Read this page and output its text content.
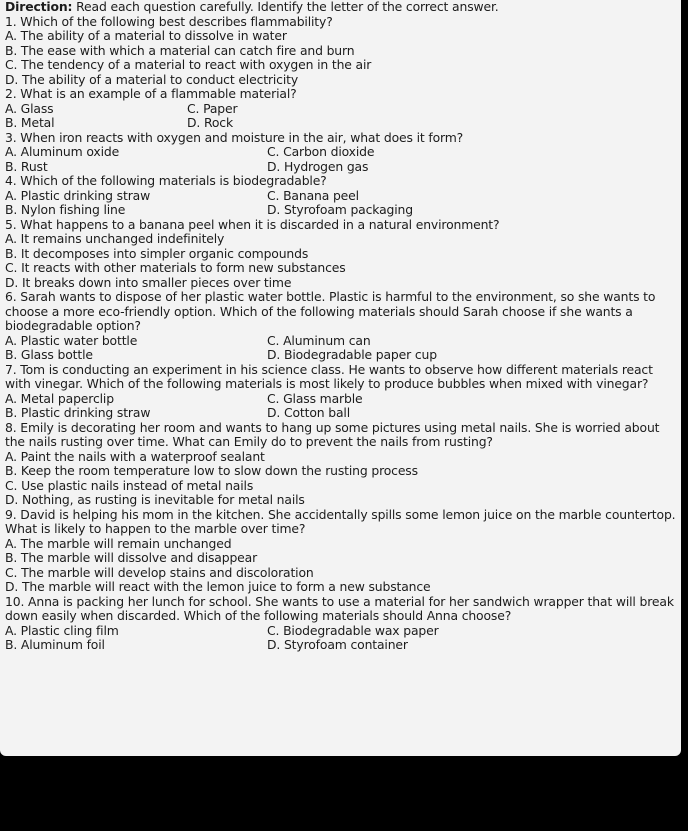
Direction: Read each question carefully. Identify the letter of the correct answer.
1. Which of the following best describes flammability?
A. The ability of a material to dissolve in water
B. The ease with which a material can catch fire and burn
C. The tendency of a material to react with oxygen in the air
D. The ability of a material to conduct electricity
2. What is an example of a flammable material?
A. Glass	C. Paper
B. Metal	D. Rock
3. When iron reacts with oxygen and moisture in the air, what does it form?
A. Aluminum oxide	C. Carbon dioxide
B. Rust	D. Hydrogen gas
4. Which of the following materials is biodegradable?
A. Plastic drinking straw	C. Banana peel
B. Nylon fishing line	D. Styrofoam packaging
5. What happens to a banana peel when it is discarded in a natural environment?
A. It remains unchanged indefinitely
B. It decomposes into simpler organic compounds
C. It reacts with other materials to form new substances
D. It breaks down into smaller pieces over time
6. Sarah wants to dispose of her plastic water bottle. Plastic is harmful to the environment, so she wants to choose a more eco-friendly option. Which of the following materials should Sarah choose if she wants a biodegradable option?
A. Plastic water bottle	C. Aluminum can
B. Glass bottle	D. Biodegradable paper cup
7. Tom is conducting an experiment in his science class. He wants to observe how different materials react with vinegar. Which of the following materials is most likely to produce bubbles when mixed with vinegar?
A. Metal paperclip	C. Glass marble
B. Plastic drinking straw	D. Cotton ball
8. Emily is decorating her room and wants to hang up some pictures using metal nails. She is worried about the nails rusting over time. What can Emily do to prevent the nails from rusting?
A. Paint the nails with a waterproof sealant
B. Keep the room temperature low to slow down the rusting process
C. Use plastic nails instead of metal nails
D. Nothing, as rusting is inevitable for metal nails
9. David is helping his mom in the kitchen. She accidentally spills some lemon juice on the marble countertop. What is likely to happen to the marble over time?
A. The marble will remain unchanged
B. The marble will dissolve and disappear
C. The marble will develop stains and discoloration
D. The marble will react with the lemon juice to form a new substance
10. Anna is packing her lunch for school. She wants to use a material for her sandwich wrapper that will break down easily when discarded. Which of the following materials should Anna choose?
A. Plastic cling film	C. Biodegradable wax paper
B. Aluminum foil	D. Styrofoam container
